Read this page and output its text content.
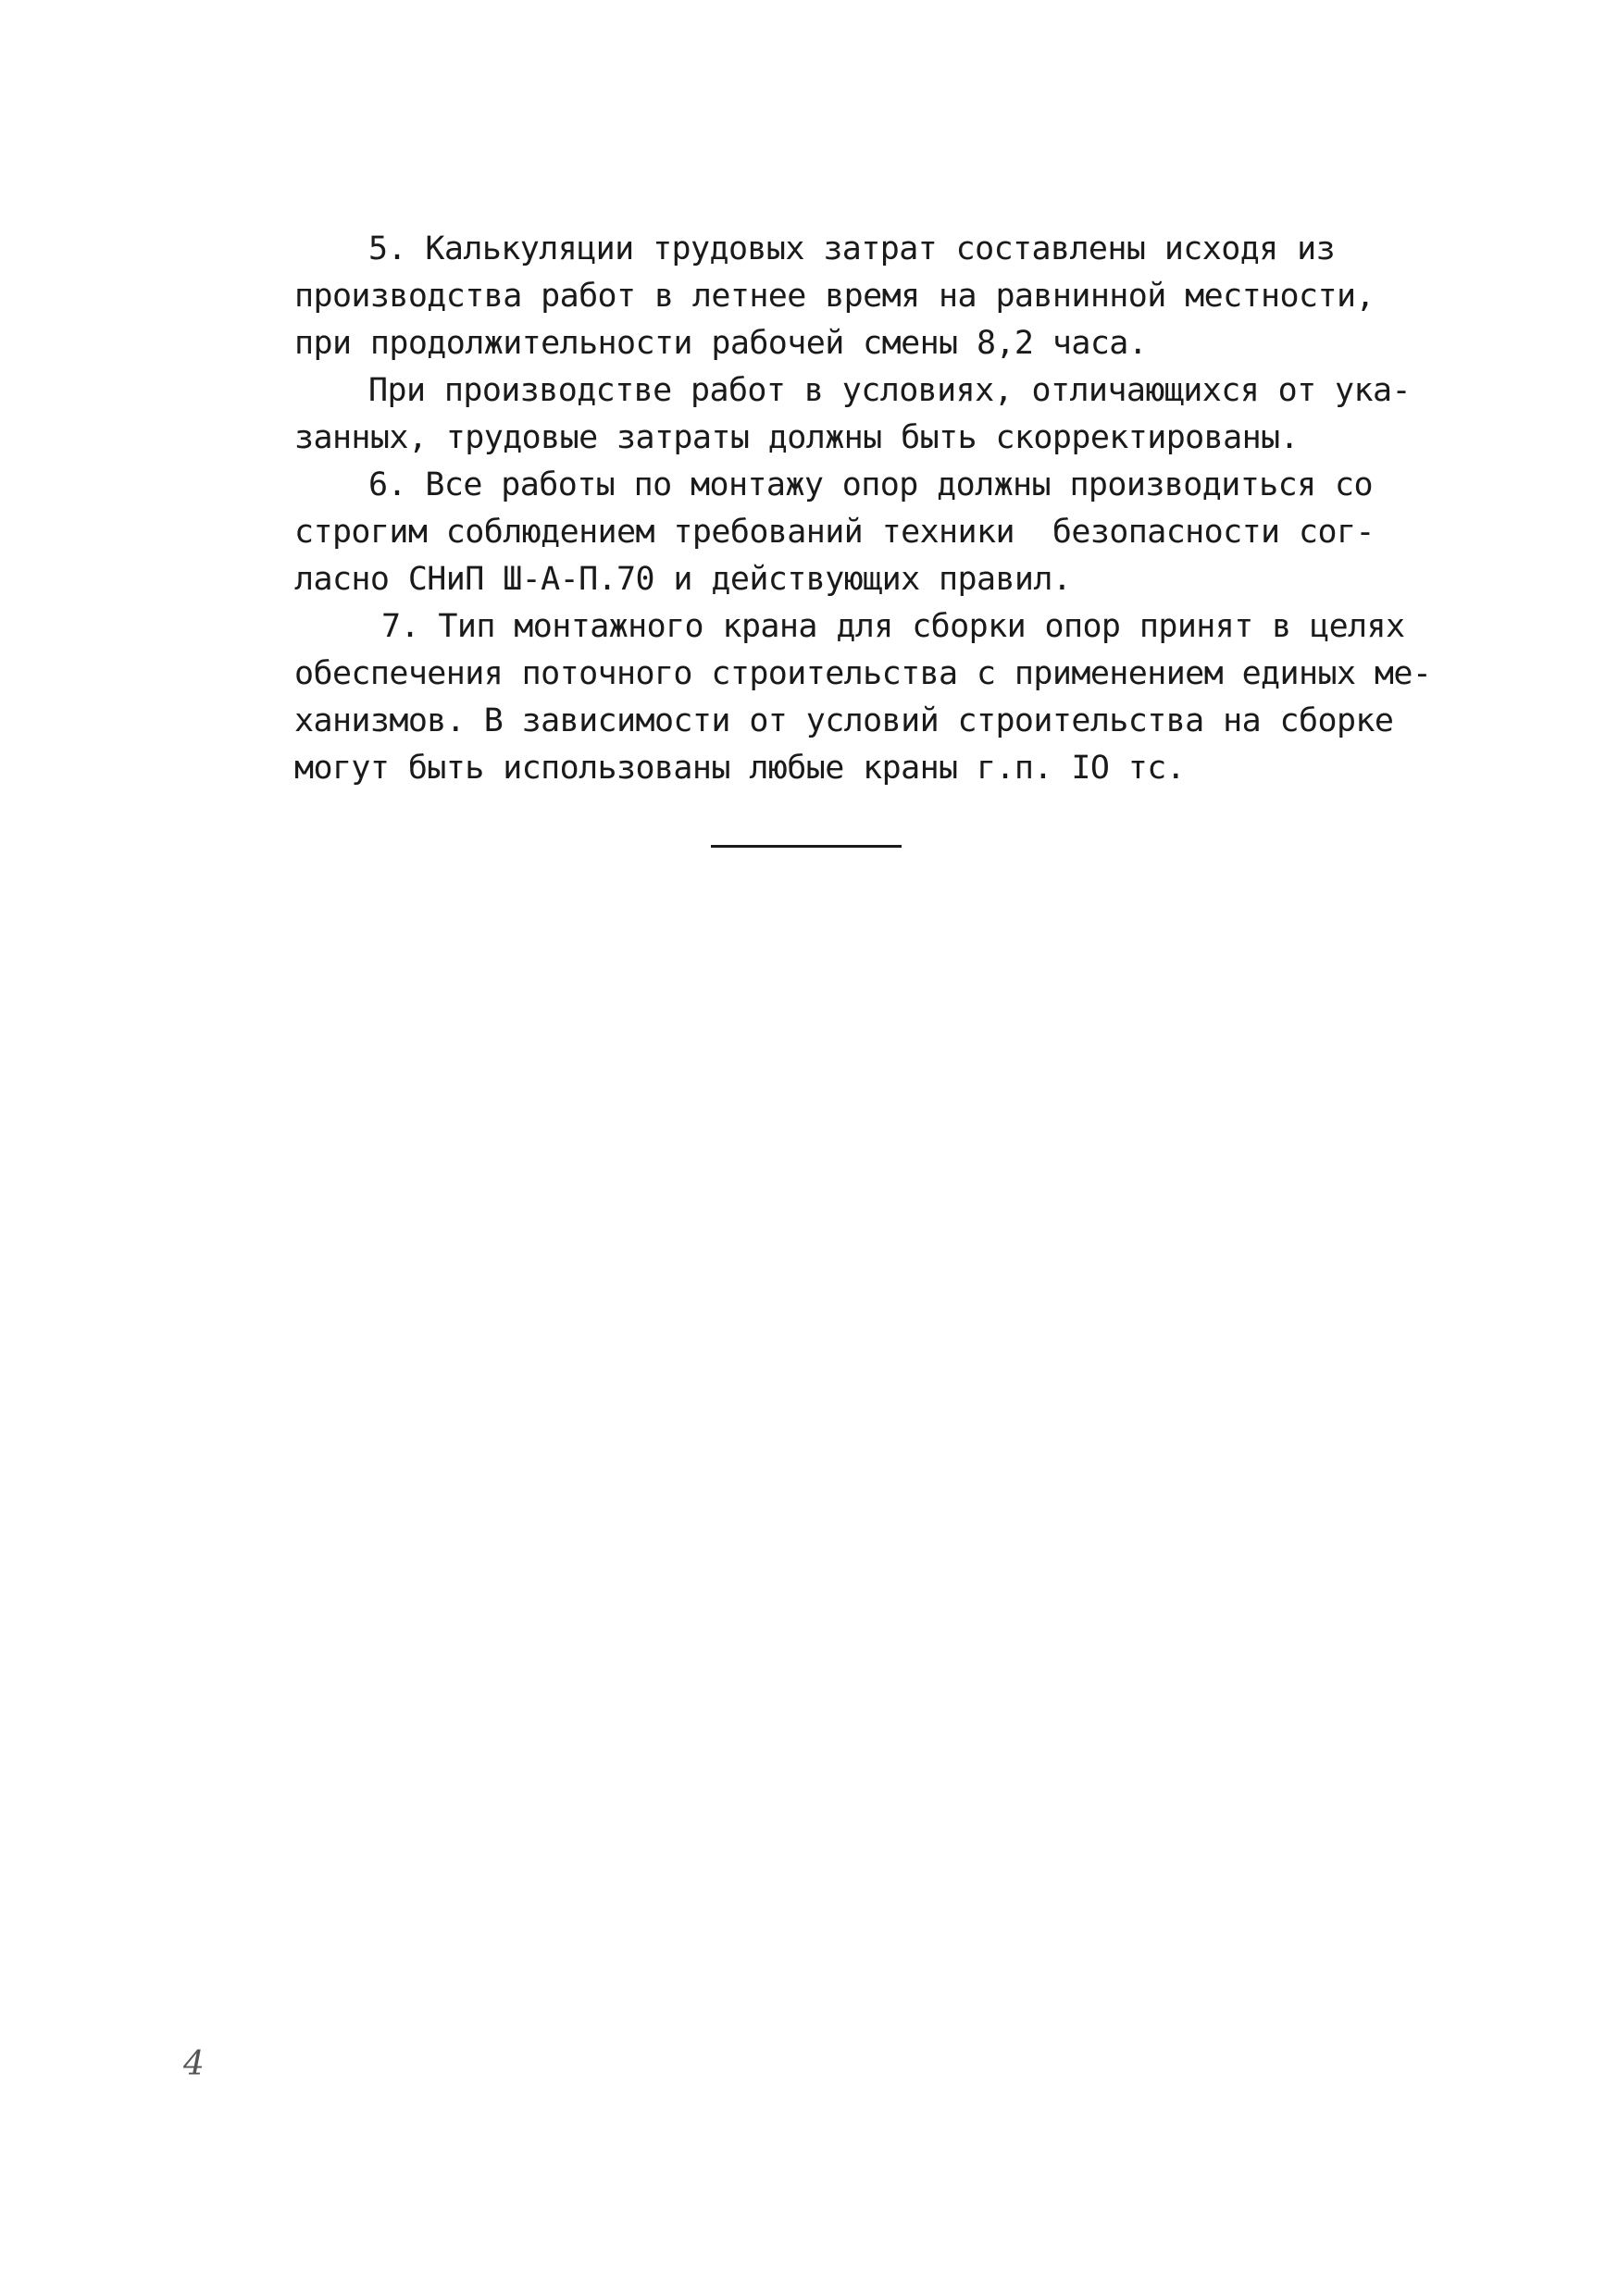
5. Калькуляции трудовых затрат составлены исходя из
производства работ в летнее время на равнинной местности,
при продолжительности рабочей смены 8,2 часа.
При производстве работ в условиях, отличающихся от ука-
занных, трудовые затраты должны быть скорректированы.
6. Все работы по монтажу опор должны производиться со
строгим соблюдением требований техники  безопасности сог-
ласно СНиП Ш-А-П.70 и действующих правил.
7. Тип монтажного крана для сборки опор принят в целях
обеспечения поточного строительства с применением единых ме-
ханизмов. В зависимости от условий строительства на сборке
могут быть использованы любые краны г.п. IO тс.
4
